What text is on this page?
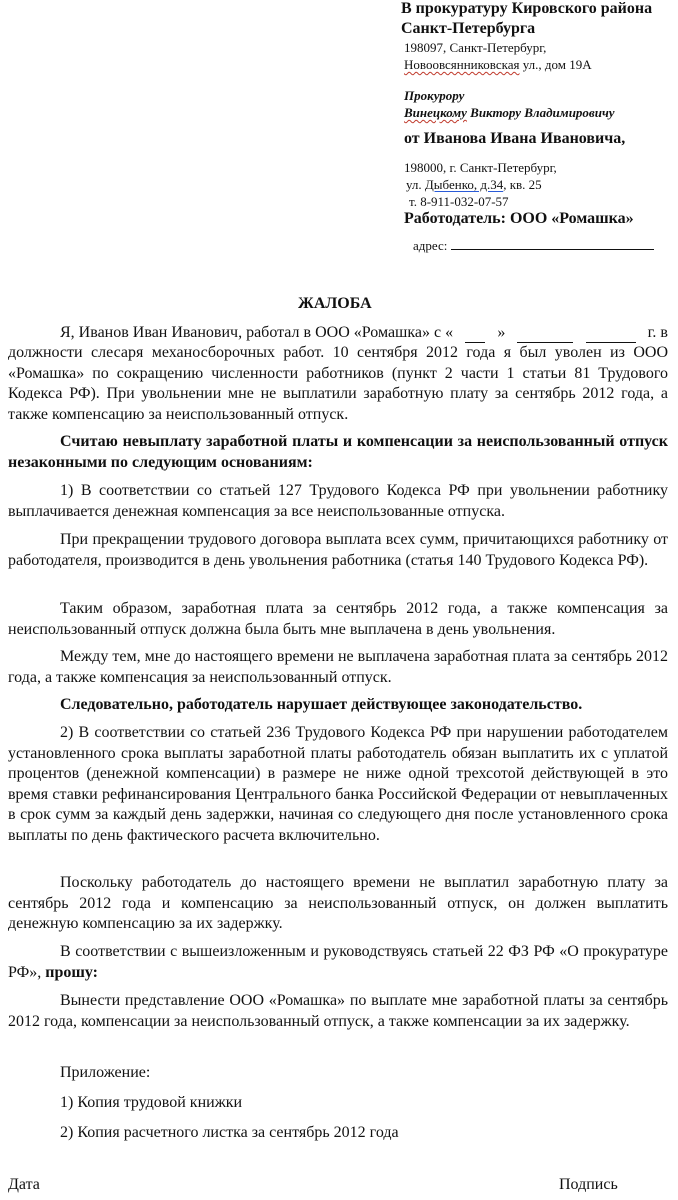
В прокуратуру Кировского района
Санкт-Петербурга
198097, Санкт-Петербург,
Новоовсянниковская ул., дом 19А
Прокурору
Винецкому Виктору Владимировичу
от Иванова Ивана Ивановича,
198000, г. Санкт-Петербург,
ул. Дыбенко, д.34, кв. 25
т. 8-911-032-07-57
Работодатель: ООО «Ромашка»
адрес:
ЖАЛОБА
Я, Иванов Иван Иванович, работал в ООО «Ромашка» с «	»	г. в
должности слесаря механосборочных работ. 10 сентября 2012 года я был уволен из ООО «Ромашка» по сокращению численности работников (пункт 2 части 1 статьи 81 Трудового Кодекса РФ). При увольнении мне не выплатили заработную плату за сентябрь 2012 года, а также компенсацию за неиспользованный отпуск.
Считаю невыплату заработной платы и компенсации за неиспользованный отпуск незаконными по следующим основаниям:
1) В соответствии со статьей 127 Трудового Кодекса РФ при увольнении работнику выплачивается денежная компенсация за все неиспользованные отпуска.
При прекращении трудового договора выплата всех сумм, причитающихся работнику от работодателя, производится в день увольнения работника (статья 140 Трудового Кодекса РФ).
Таким образом, заработная плата за сентябрь 2012 года, а также компенсация за неиспользованный отпуск должна была быть мне выплачена в день увольнения.
Между тем, мне до настоящего времени не выплачена заработная плата за сентябрь 2012 года, а также компенсация за неиспользованный отпуск.
Следовательно, работодатель нарушает действующее законодательство.
2) В соответствии со статьей 236 Трудового Кодекса РФ при нарушении работодателем установленного срока выплаты заработной платы работодатель обязан выплатить их с уплатой процентов (денежной компенсации) в размере не ниже одной трехсотой действующей в это время ставки рефинансирования Центрального банка Российской Федерации от невыплаченных в срок сумм за каждый день задержки, начиная со следующего дня после установленного срока выплаты по день фактического расчета включительно.
Поскольку работодатель до настоящего времени не выплатил заработную плату за сентябрь 2012 года и компенсацию за неиспользованный отпуск, он должен выплатить денежную компенсацию за их задержку.
В соответствии с вышеизложенным и руководствуясь статьей 22 ФЗ РФ «О прокуратуре РФ», прошу:
Вынести представление ООО «Ромашка» по выплате мне заработной платы за сентябрь 2012 года, компенсации за неиспользованный отпуск, а также компенсации за их задержку.
Приложение:
1) Копия трудовой книжки
2) Копия расчетного листка за сентябрь 2012 года
Дата	Подпись
